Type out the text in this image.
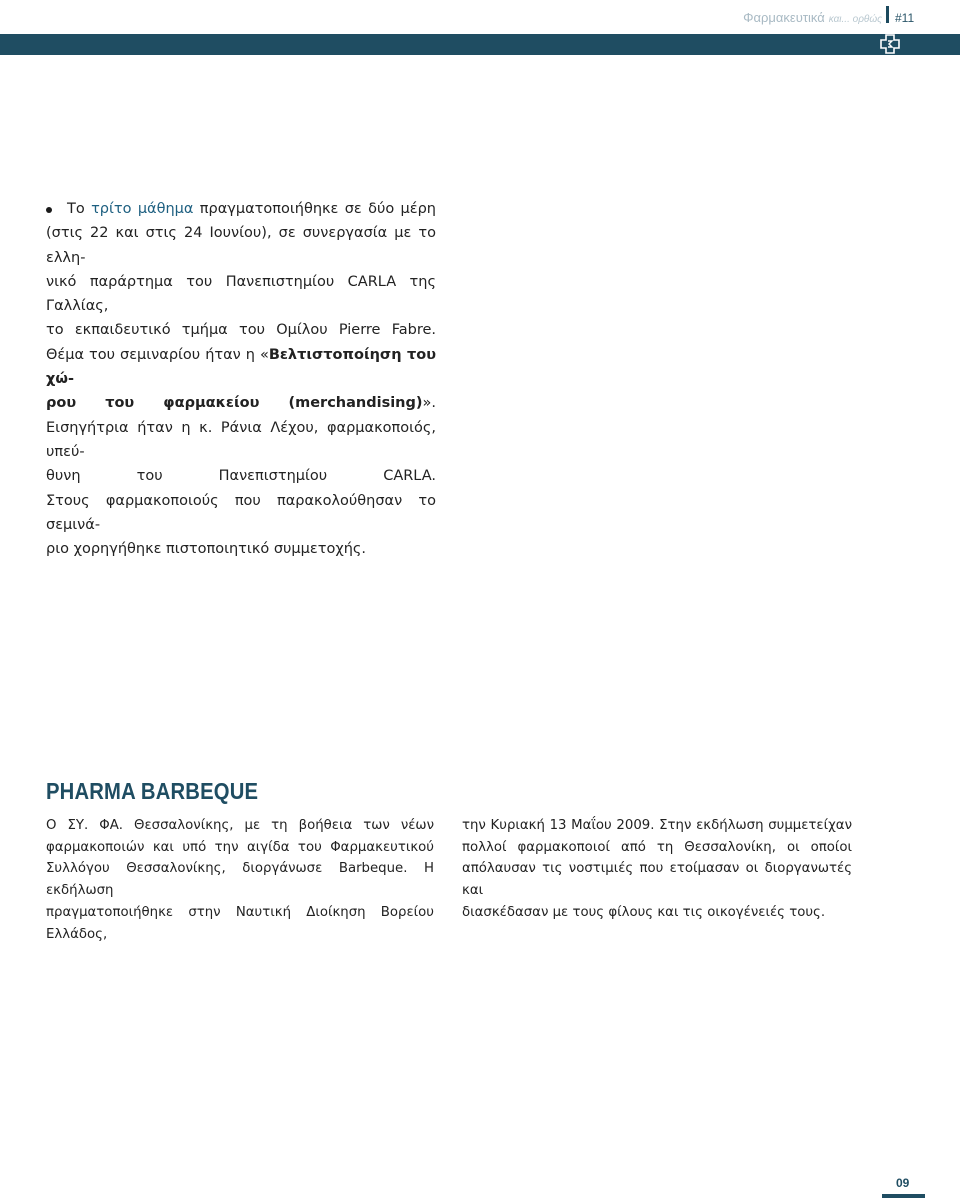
Φαρμακευτικά και... ορθώς #11

Το τρίτο μάθημα πραγματοποιήθηκε σε δύο μέρη

(στις 22 και στις 24 Ιουνίου), σε συνεργασία με το ελλη-

νικό παράρτημα του Πανεπιστημίου CARLA της Γαλλίας,

το εκπαιδευτικό τμήμα του Ομίλου Pierre Fabre.

Θέμα του σεμιναρίου ήταν η «Βελτιστοποίηση του χώ-

ρου του φαρμακείου (merchandising)».

Εισηγήτρια ήταν η κ. Ράνια Λέχου, φαρμακοποιός, υπεύ-

θυνη του Πανεπιστημίου CARLA.

Στους φαρμακοποιούς που παρακολούθησαν το σεμινά-

ριο χορηγήθηκε πιστοποιητικό συμμετοχής.

PHARMA BARBEQUE

Ο ΣΥ. ΦΑ. Θεσσαλονίκης, με τη βοήθεια των νέων

φαρμακοποιών και υπό την αιγίδα του Φαρμακευτικού

Συλλόγου Θεσσαλονίκης, διοργάνωσε Barbeque. Η εκδήλωση

πραγματοποιήθηκε στην Ναυτική Διοίκηση Βορείου Ελλάδος,

την Κυριακή 13 Μαΐου 2009. Στην εκδήλωση συμμετείχαν

πολλοί φαρμακοποιοί από τη Θεσσαλονίκη, οι οποίοι

απόλαυσαν τις νοστιμιές που ετοίμασαν οι διοργανωτές και

διασκέδασαν με τους φίλους και τις οικογένειές τους.

09
